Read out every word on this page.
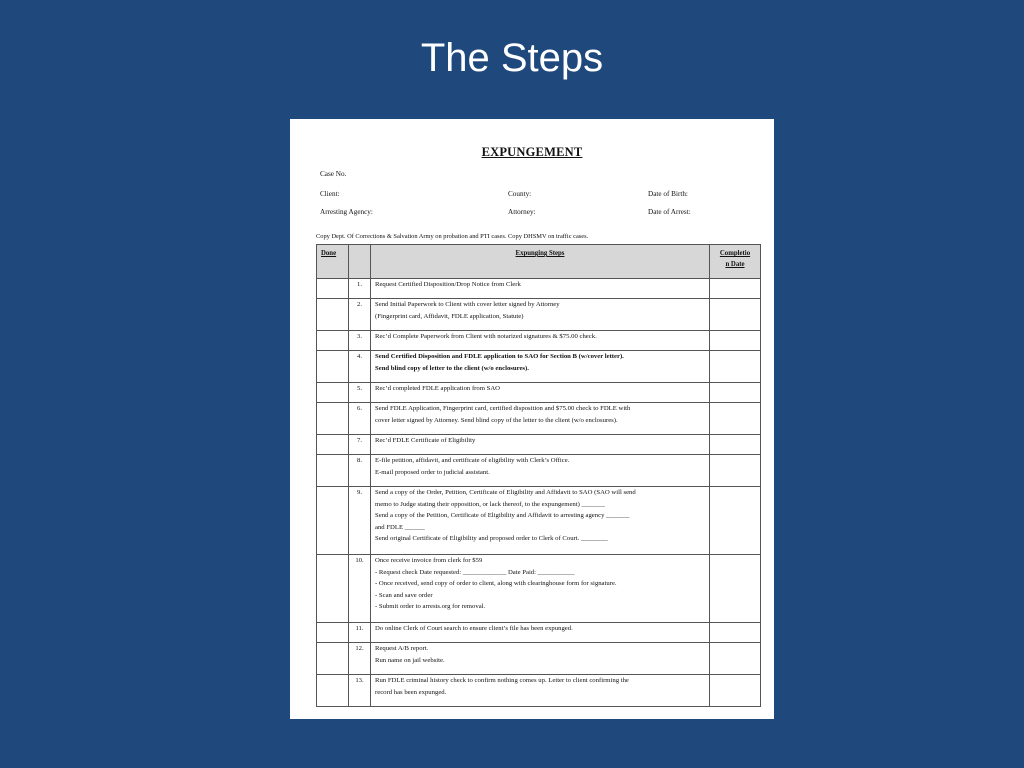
The Steps
EXPUNGEMENT
Case No.
Client:	County:	Date of Birth:
Arresting Agency:	Attorney:	Date of Arrest:
Copy Dept. Of Corrections & Salvation Army on probation and PTI cases. Copy DHSMV on traffic cases.
Done		Expunging Steps	Completio
n Date

	1.	Request Certified Disposition/Drop Notice from Clerk	

	2.	Send Initial Paperwork to Client with cover letter signed by Attorney
(Fingerprint card, Affidavit, FDLE application, Statute)	

	3.	Rec’d Complete Paperwork from Client with notarized signatures & $75.00 check.	

	4.	Send Certified Disposition and FDLE application to SAO for Section B (w/cover letter).
Send blind copy of letter to the client (w/o enclosures).	

	5.	Rec’d completed FDLE application from SAO	

	6.	Send FDLE Application, Fingerprint card, certified disposition and $75.00 check to FDLE with
cover letter signed by Attorney. Send blind copy of the letter to the client (w/o enclosures).	

	7.	Rec’d FDLE Certificate of Eligibility	

	8.	E-file petition, affidavit, and certificate of eligibility with Clerk’s Office.
E-mail proposed order to judicial assistant.	

	9.	Send a copy of the Order, Petition, Certificate of Eligibility and Affidavit to SAO (SAO will send
memo to Judge stating their opposition, or lack thereof, to the expungement) _______
Send a copy of the Petition, Certificate of Eligibility and Affidavit to arresting agency _______
and FDLE ______
Send original Certificate of Eligibility and proposed order to Clerk of Court. ________	

	10.	Once receive invoice from clerk for $59
- Request check Date requested: _____________ Date Paid: ___________
- Once received, send copy of order to client, along with clearinghouse form for signature.
- Scan and save order
- Submit order to arrests.org for removal.	

	11.	Do online Clerk of Court search to ensure client’s file has been expunged.	

	12.	Request A/B report.
Run name on jail website.	

	13.	Run FDLE criminal history check to confirm nothing comes up. Letter to client confirming the
record has been expunged.	
